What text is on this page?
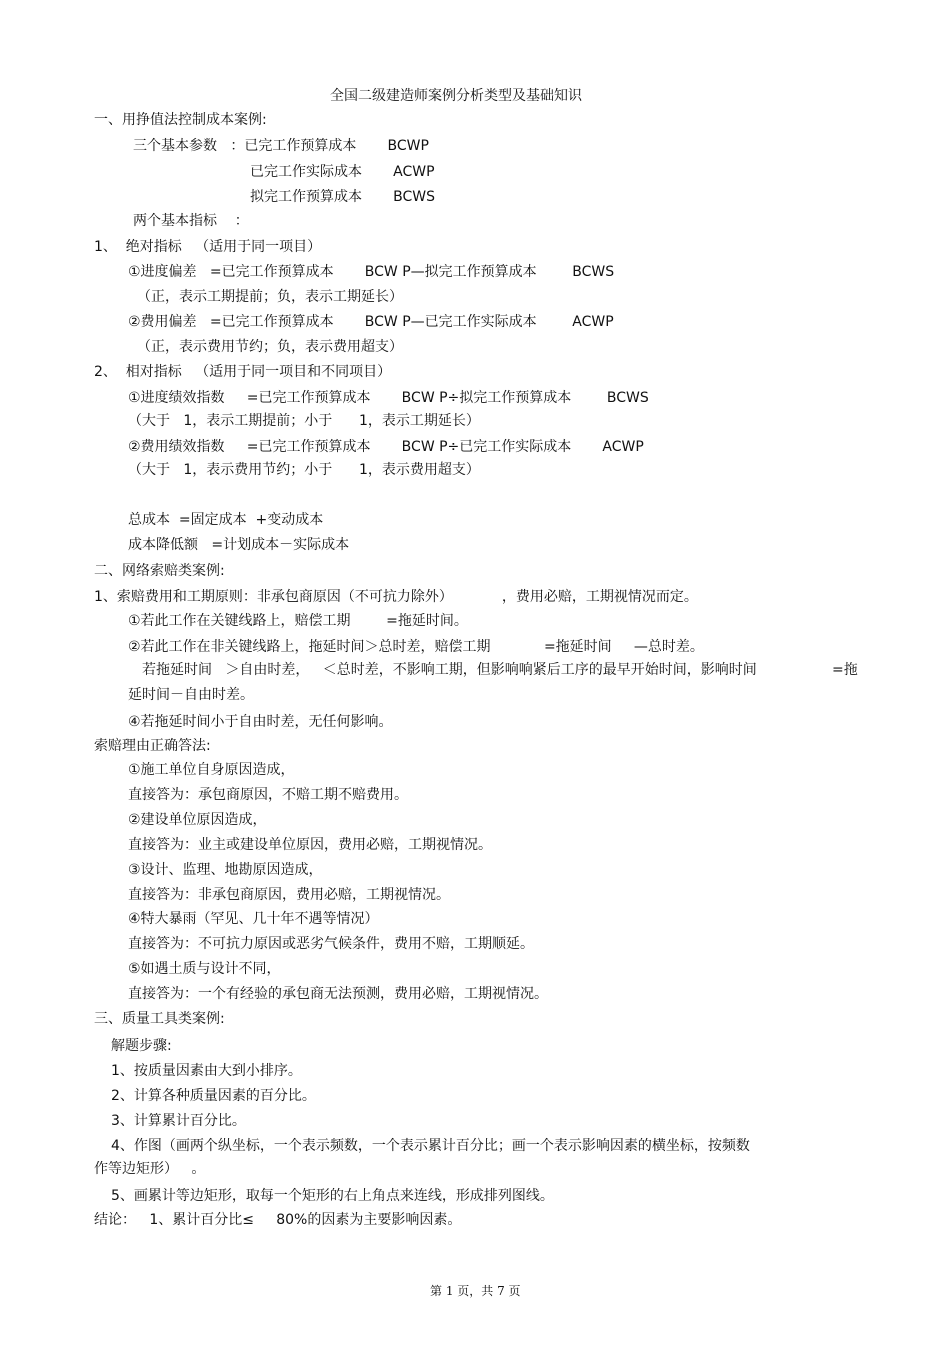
全国二级建造师案例分析类型及基础知识
一、用挣值法控制成本案例:
三个基本参数   ：已完工作预算成本       BCWP
已完工作实际成本       ACWP
拟完工作预算成本       BCWS
两个基本指标    ：
1、  绝对指标   （适用于同一项目）
①进度偏差   =已完工作预算成本       BCW P—拟完工作预算成本        BCWS
（正，表示工期提前；负，表示工期延长）
②费用偏差   =已完工作预算成本       BCW P—已完工作实际成本        ACWP
（正，表示费用节约；负，表示费用超支）
2、  相对指标   （适用于同一项目和不同项目）
①进度绩效指数     =已完工作预算成本       BCW P÷拟完工作预算成本        BCWS
（大于   1，表示工期提前；小于      1，表示工期延长）
②费用绩效指数     =已完工作预算成本       BCW P÷已完工作实际成本       ACWP
（大于   1，表示费用节约；小于      1，表示费用超支）
总成本  =固定成本  +变动成本
成本降低额   =计划成本－实际成本
二、网络索赔类案例:
1、索赔费用和工期原则：非承包商原因（不可抗力除外）           ，费用必赔，工期视情况而定。
①若此工作在关键线路上，赔偿工期        =拖延时间。
②若此工作在非关键线路上，拖延时间＞总时差，赔偿工期            =拖延时间     —总时差。
若拖延时间   ＞自由时差，   ＜总时差，不影响工期，但影响响紧后工序的最早开始时间，影响时间	=拖
延时间－自由时差。
④若拖延时间小于自由时差，无任何影响。
索赔理由正确答法:
①施工单位自身原因造成，
直接答为：承包商原因，不赔工期不赔费用。
②建设单位原因造成，
直接答为：业主或建设单位原因，费用必赔，工期视情况。
③设计、监理、地勘原因造成，
直接答为：非承包商原因，费用必赔，工期视情况。
④特大暴雨（罕见、几十年不遇等情况）
直接答为：不可抗力原因或恶劣气候条件，费用不赔，工期顺延。
⑤如遇土质与设计不同，
直接答为：一个有经验的承包商无法预测，费用必赔，工期视情况。
三、质量工具类案例:
解题步骤:
1、按质量因素由大到小排序。
2、计算各种质量因素的百分比。
3、计算累计百分比。
4、作图（画两个纵坐标，一个表示频数，一个表示累计百分比；画一个表示影响因素的横坐标，按频数
作等边矩形）   。
5、画累计等边矩形，取每一个矩形的右上角点来连线，形成排列图线。
结论：   1、累计百分比≤     80%的因素为主要影响因素。
第 1 页，共 7 页
